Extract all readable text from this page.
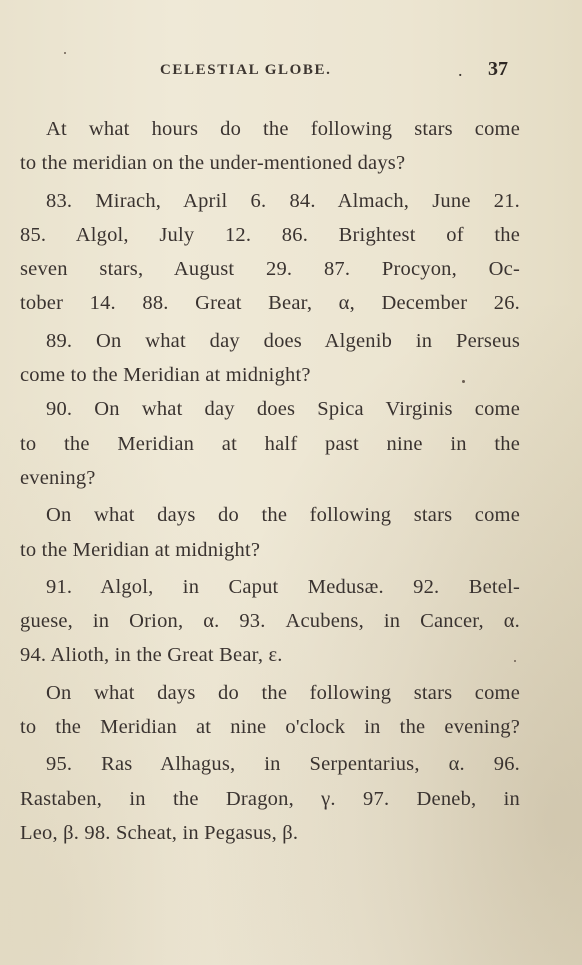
CELESTIAL GLOBE.	. 37
At what hours do the following stars come
to the meridian on the under-mentioned days?
83. Mirach, April 6. 84. Almach, June 21.
85. Algol, July 12. 86. Brightest of the
seven stars, August 29. 87. Procyon, Oc-
tober 14. 88. Great Bear, α, December 26.
89. On what day does Algenib in Perseus
come to the Meridian at midnight?
90. On what day does Spica Virginis come
to the Meridian at half past nine in the
evening?
On what days do the following stars come
to the Meridian at midnight?
91. Algol, in Caput Medusæ. 92. Betel-
guese, in Orion, α. 93. Acubens, in Cancer, α.
94. Alioth, in the Great Bear, ε.
On what days do the following stars come
to the Meridian at nine o'clock in the evening?
95. Ras Alhagus, in Serpentarius, α. 96.
Rastaben, in the Dragon, γ. 97. Deneb, in
Leo, β. 98. Scheat, in Pegasus, β.
